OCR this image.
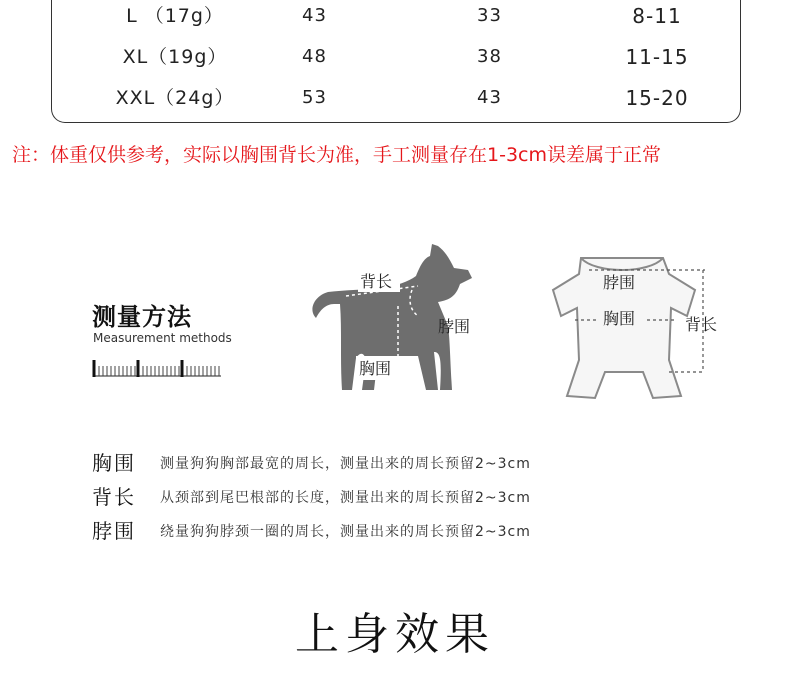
L （17g）	43	33	8-11
XL（19g）	48	38	11-15
XXL（24g）	53	43	15-20
注：体重仅供参考，实际以胸围背长为准，手工测量存在1-3cm误差属于正常
测量方法
Measurement methods
背长
脖围
胸围
脖围
胸围	背长
胸围 测量狗狗胸部最宽的周长，测量出来的周长预留2~3cm
背长 从颈部到尾巴根部的长度，测量出来的周长预留2~3cm
脖围 绕量狗狗脖颈一圈的周长，测量出来的周长预留2~3cm
上身效果
